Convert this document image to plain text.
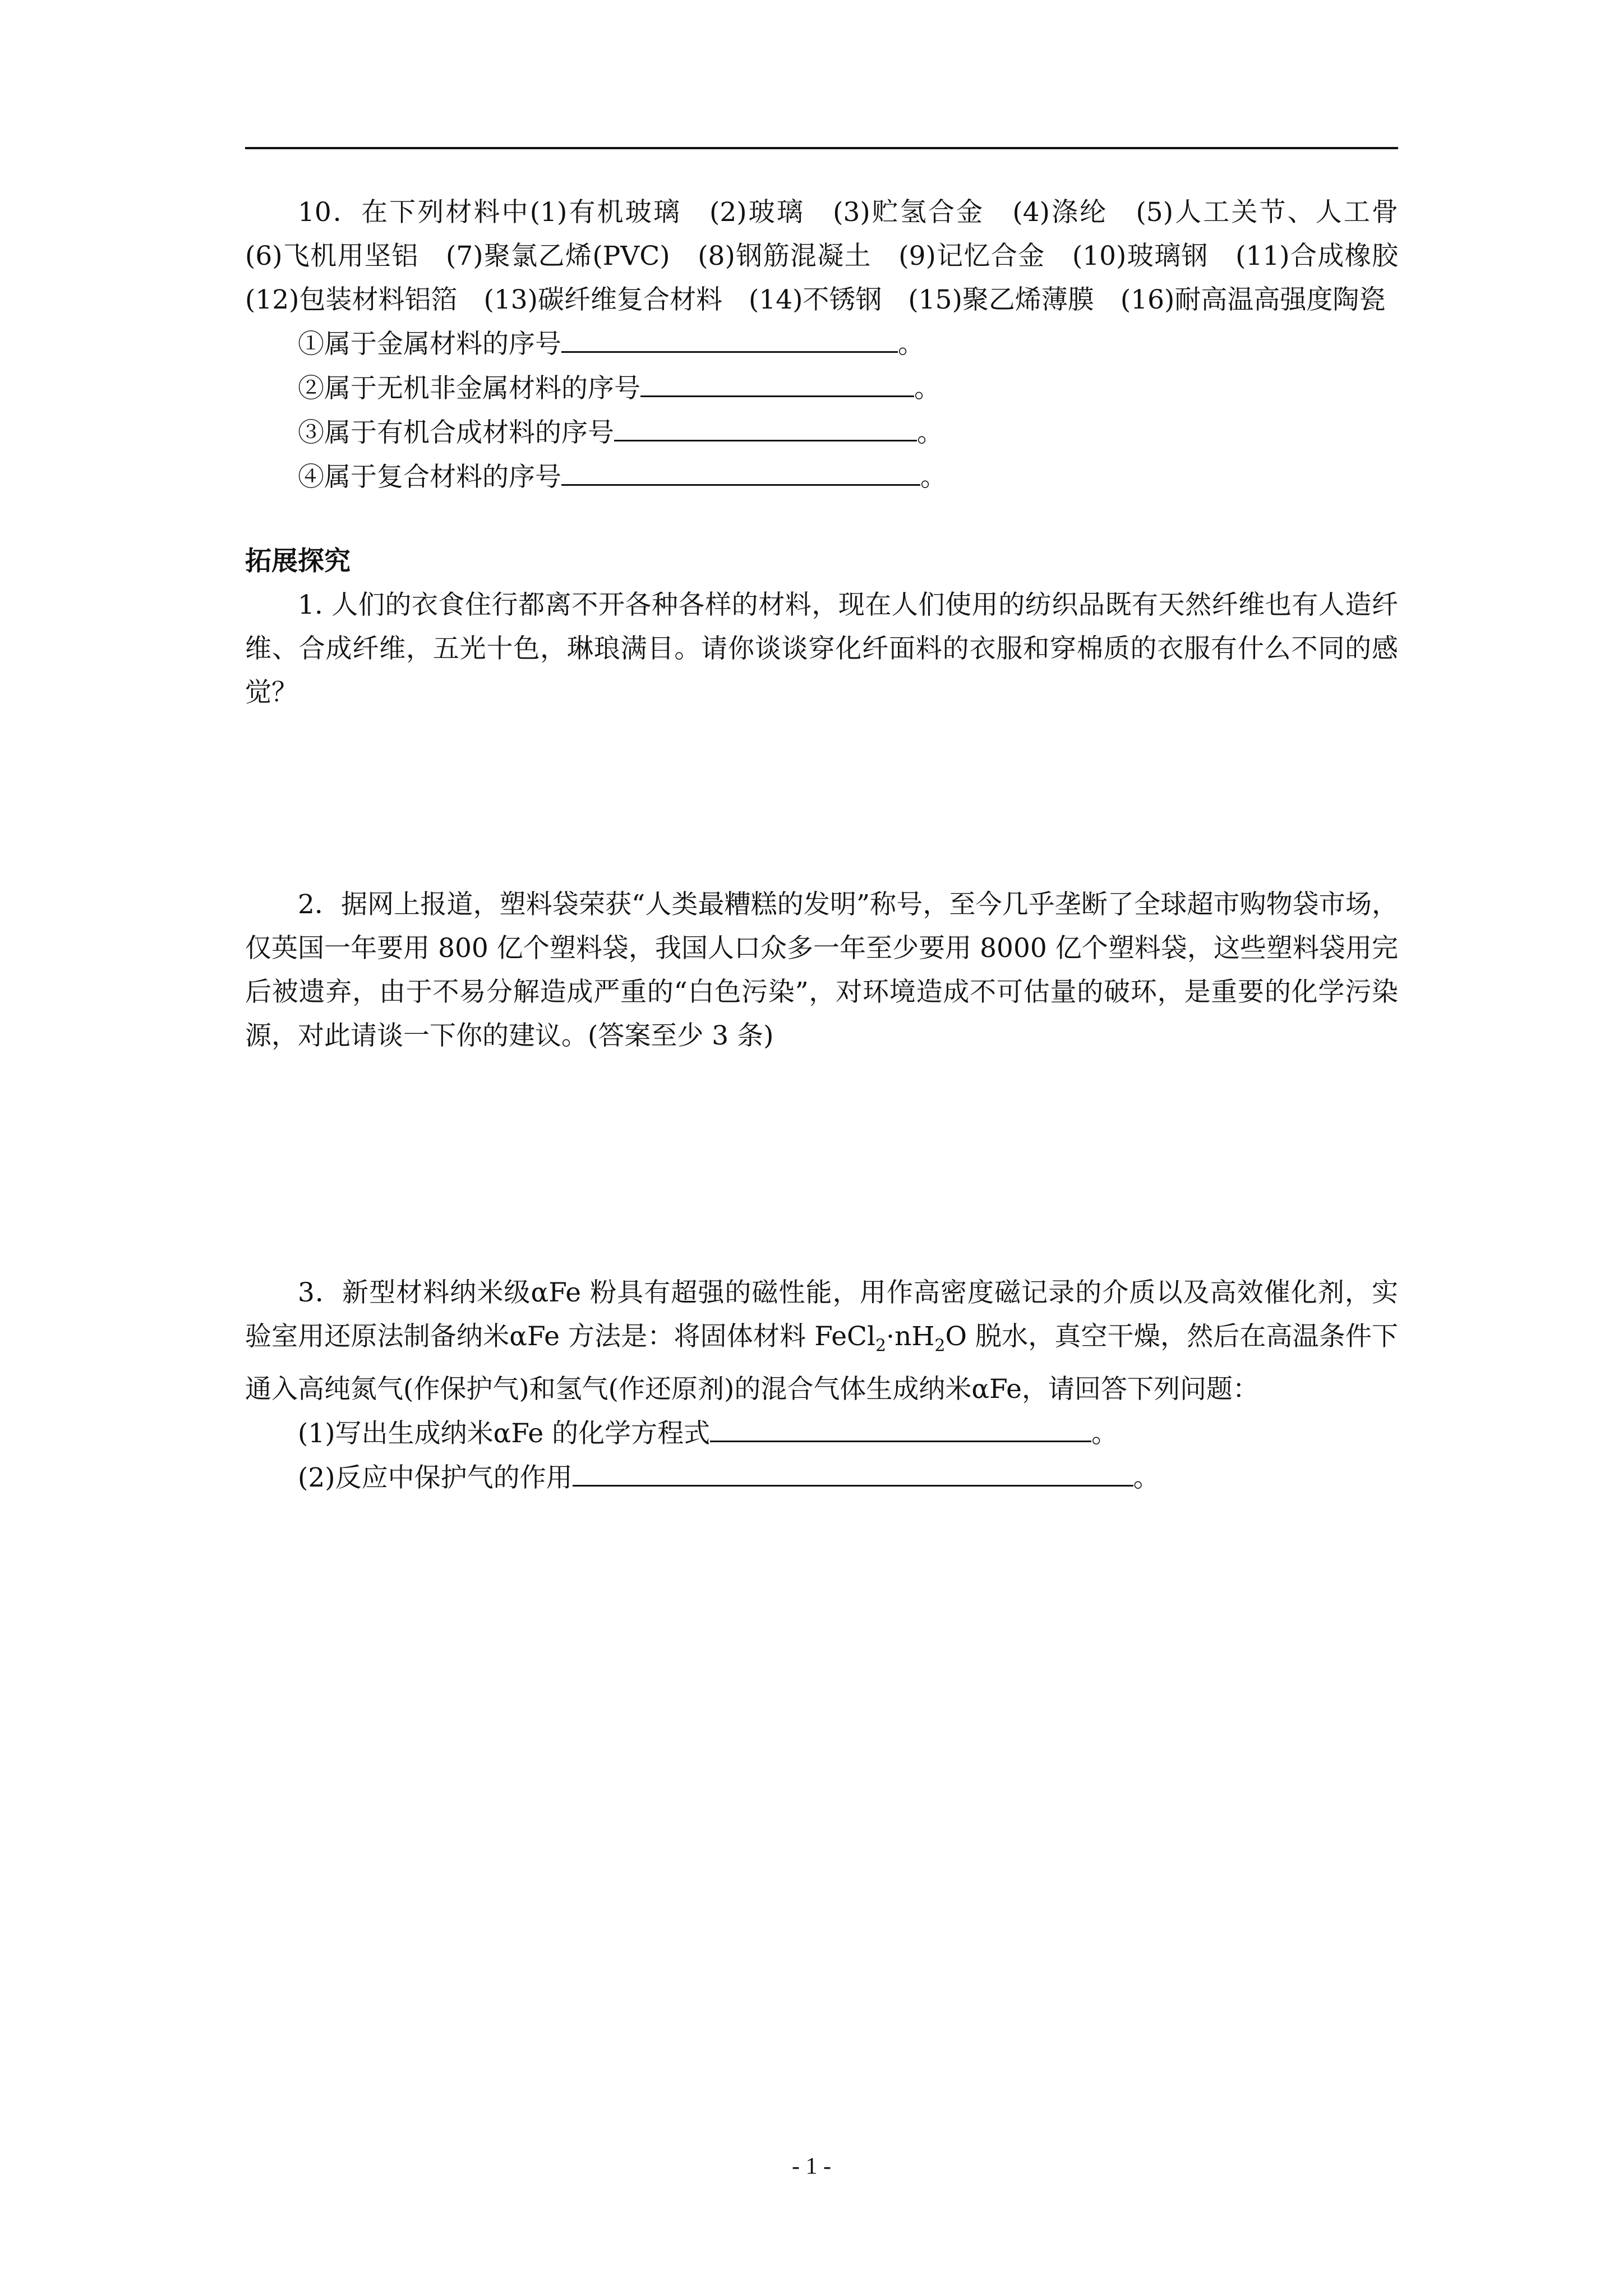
10．在下列材料中(1)有机玻璃　(2)玻璃　(3)贮氢合金　(4)涤纶　(5)人工关节、人工骨　(6)飞机用坚铝　(7)聚氯乙烯(PVC)　(8)钢筋混凝土　(9)记忆合金　(10)玻璃钢　(11)合成橡胶　(12)包装材料铝箔　(13)碳纤维复合材料　(14)不锈钢　(15)聚乙烯薄膜　(16)耐高温高强度陶瓷

①属于金属材料的序号	。

②属于无机非金属材料的序号	。

③属于有机合成材料的序号	。

④属于复合材料的序号	。

拓展探究

1. 人们的衣食住行都离不开各种各样的材料，现在人们使用的纺织品既有天然纤维也有人造纤维、合成纤维，五光十色，琳琅满目。请你谈谈穿化纤面料的衣服和穿棉质的衣服有什么不同的感觉？

2．据网上报道，塑料袋荣获“人类最糟糕的发明”称号，至今几乎垄断了全球超市购物袋市场，仅英国一年要用 800 亿个塑料袋，我国人口众多一年至少要用 8000 亿个塑料袋，这些塑料袋用完后被遗弃，由于不易分解造成严重的“白色污染”，对环境造成不可估量的破环，是重要的化学污染源，对此请谈一下你的建议。(答案至少 3 条)

3．新型材料纳米级αFe 粉具有超强的磁性能，用作高密度磁记录的介质以及高效催化剂，实验室用还原法制备纳米αFe 方法是：将固体材料 $FeCl_2\cdot nH_2O$ 脱水，真空干燥，然后在高温条件下通入高纯氮气(作保护气)和氢气(作还原剂)的混合气体生成纳米αFe，请回答下列问题：

(1)写出生成纳米αFe 的化学方程式	。

(2)反应中保护气的作用	。

- 1 -
